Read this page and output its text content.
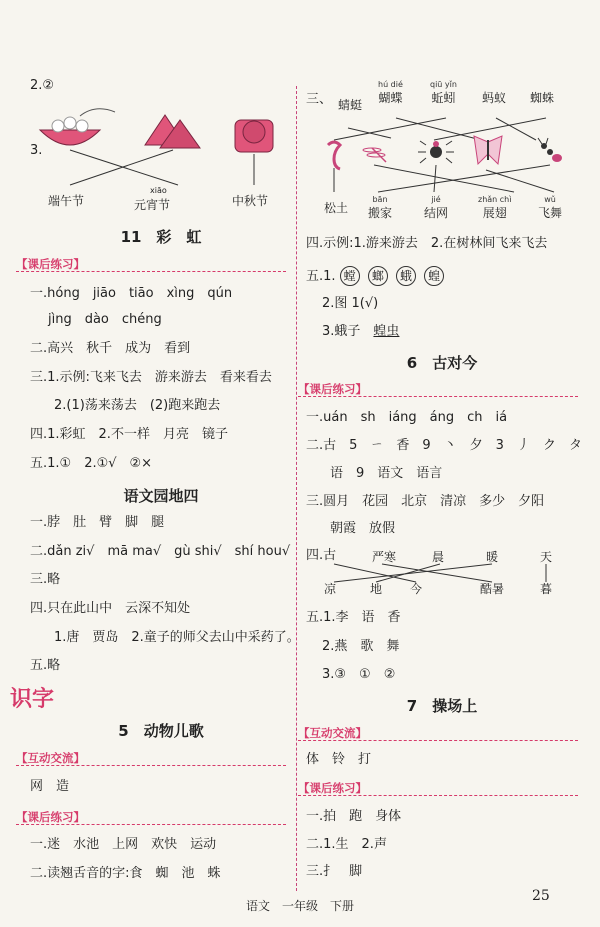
2.②
3.
端午节
xiāo
元宵节	中秋节
11　彩　虹
【课后练习】
一.hóng　jiāo　tiāo　xìng　qún
jìng　dào　chéng
二.高兴　秋千　成为　看到
三.1.示例:飞来飞去　游来游去　看来看去
2.(1)荡来荡去　(2)跑来跑去
四.1.彩虹　2.不一样　月亮　镜子
五.1.①　2.①√　②×
语文园地四
一.脖　肚　臂　脚　腿
二.dǎn zi√　mā ma√　gù shi√　shí hou√
三.略
四.只在此山中　云深不知处
1.唐　贾岛　2.童子的师父去山中采药了。
五.略
识字
5　动物儿歌
【互动交流】
网　造
【课后练习】
一.迷　水池　上网　欢快　运动
二.读翘舌音的字:食　蜘　池　蛛
三、 蜻蜓
hú dié
蝴蝶
qiū yǐn
蚯蚓 蚂蚁 蜘蛛
松土
bān
搬家
jié
结网
zhǎn chì
展翅
wǔ
飞舞
四.示例:1.游来游去　2.在树林间飞来飞去
五.1. 螳 螂 蛾 蝗
2.图 1(√)
3.蛾子　 蝗虫
6　古对今
【课后练习】
一.uán　sh　iáng　áng　ch　iá
二.古　5　ㄧ　香　9　丶　夕　3　丿　ク　タ
语　9　语文　语言
三.圆月　花园　北京　清凉　多少　夕阳
朝霞　放假
四.古	严寒	晨	暖	天
凉	地 今	酷暑	暮
五.1.李　语　香
2.燕　歌　舞
3.③　①　②
7　操场上
【互动交流】
体　铃　打
【课后练习】
一.拍　跑　身体
二.1.生　2.声
三.扌　脚
语文　一年级　下册
25
